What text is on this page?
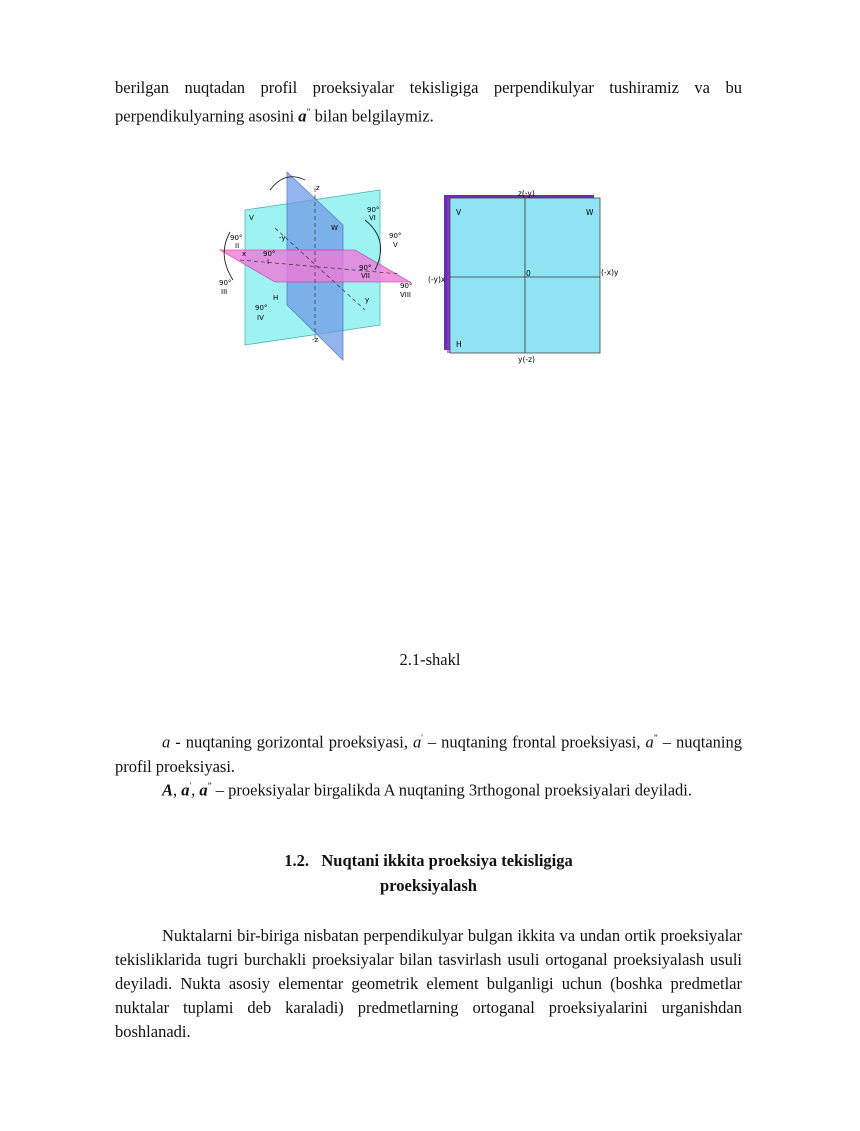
berilgan nuqtadan profil proeksiyalar tekisligiga perpendikulyar tushiramiz va bu perpendikulyarning asosini a” bilan belgilaymiz.

z
-z
y
-y
x
V
W
H
90°
II
90°
I
90°
III
90°
IV
90°
VI
90°
V
90°
VII
90°
VIII
z(-y)
y(-z)
(-y)x
(-x)y
0
V	W
H
2.1-shakl

a - nuqtaning gorizontal proeksiyasi, a' – nuqtaning frontal proeksiyasi, a” – nuqtaning profil proeksiyasi.

A, a', a” – proeksiyalar birgalikda A nuqtaning 3rthogonal proeksiyalari deyiladi.

1.2. Nuqtani ikkita proeksiya tekisligiga
proeksiyalash

Nuktalarni bir-biriga nisbatan perpendikulyar bulgan ikkita va undan ortik proeksiyalar tekisliklarida tugri burchakli proeksiyalar bilan tasvirlash usuli ortoganal proeksiyalash usuli deyiladi. Nukta asosiy elementar geometrik element bulganligi uchun (boshka predmetlar nuktalar tuplami deb karaladi) predmetlarning ortoganal proeksiyalarini urganishdan boshlanadi.
